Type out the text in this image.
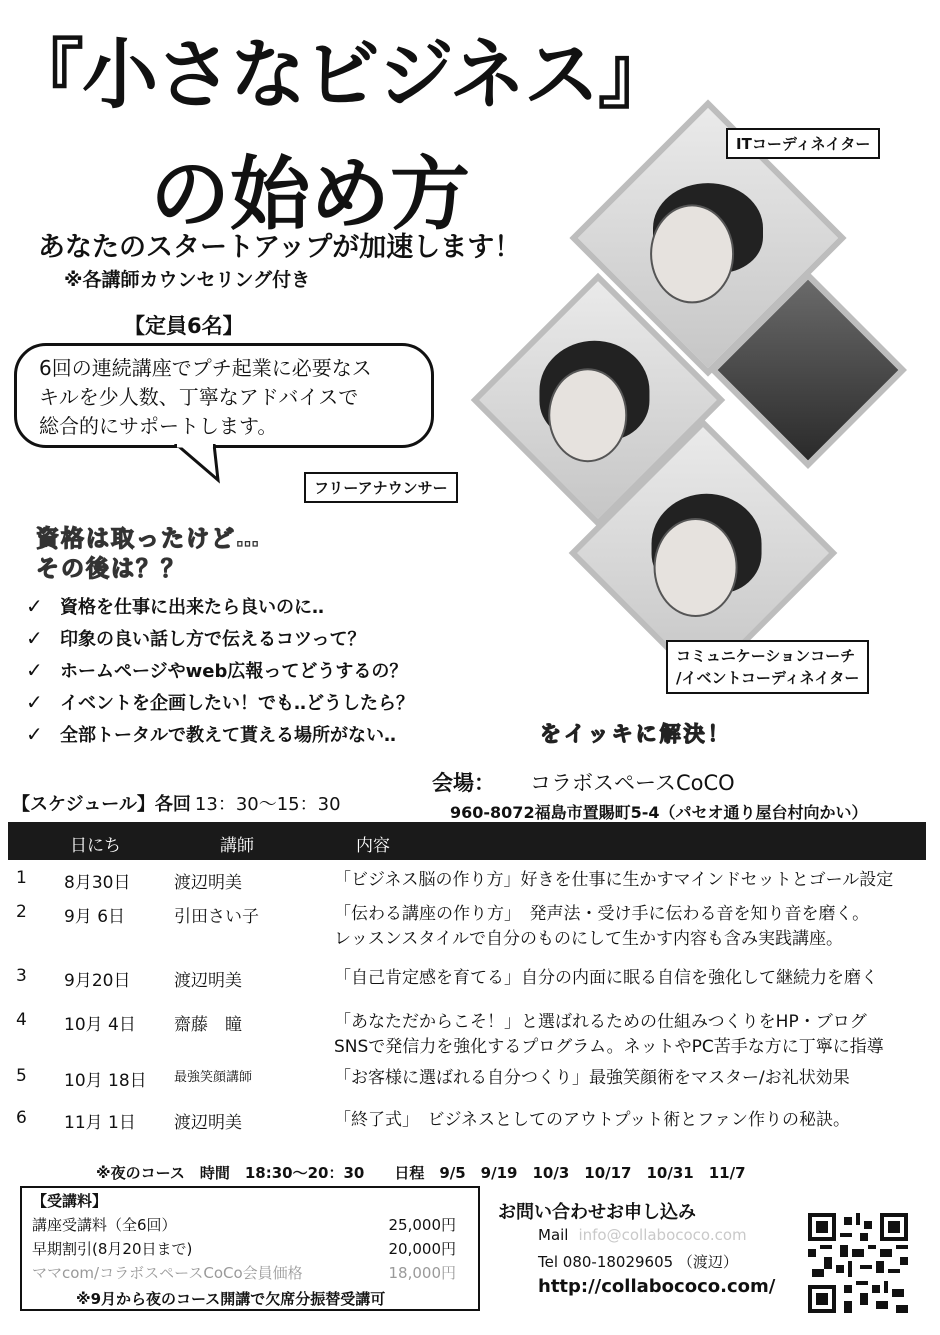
『小さなビジネス』
の始め方
あなたのスタートアップが加速します！
※各講師カウンセリング付き
【定員6名】
6回の連続講座でプチ起業に必要なス
キルを少人数、丁寧なアドバイスで
総合的にサポートします。
ITコーディネイター
フリーアナウンサー
コミュニケーションコーチ
/イベントコーディネイター
資格は取ったけど…
その後は？？
✓ 資格を仕事に出来たら良いのに‥
✓ 印象の良い話し方で伝えるコツって？
✓ ホームページやweb広報ってどうするの？
✓ イベントを企画したい！でも‥どうしたら？
✓ 全部トータルで教えて貰える場所がない‥	をイッキに解決！
会場： コラボスペースCoCO
960-8072福島市置賜町5-4（パセオ通り屋台村向かい）
【スケジュール】各回 13：30〜15：30
日にち	講師	内容
1	8月30日	渡辺明美	「ビジネス脳の作り方」好きを仕事に生かすマインドセットとゴール設定

2	9月 6日	引田さい子	「伝わる講座の作り方」　発声法・受け手に伝わる音を知り音を磨く。
レッスンスタイルで自分のものにして生かす内容も含み実践講座。

3	9月20日	渡辺明美	「自己肯定感を育てる」自分の内面に眠る自信を強化して継続力を磨く

4	10月 4日	齋藤　瞳	「あなただからこそ！」と選ばれるための仕組みつくりをHP・ブログ
SNSで発信力を強化するプログラム。ネットやPC苦手な方に丁寧に指導

5	10月 18日	最強笑顔講師	「お客様に選ばれる自分つくり」最強笑顔術をマスター/お礼状効果

6	11月 1日	渡辺明美	「終了式」　ビジネスとしてのアウトプット術とファン作りの秘訣。
※夜のコース　時間　18:30〜20：30　　日程　9/5　9/19　10/3　10/17　10/31　11/7
【受講料】
講座受講料（全6回）	25,000円
早期割引(8月20日まで)	20,000円
ママcom/コラボスペースCoCo会員価格	18,000円
※9月から夜のコース開講で欠席分振替受講可
お問い合わせお申し込み
Mail info@collabococo.com
Tel 080-18029605 （渡辺）
http://collabococo.com/
